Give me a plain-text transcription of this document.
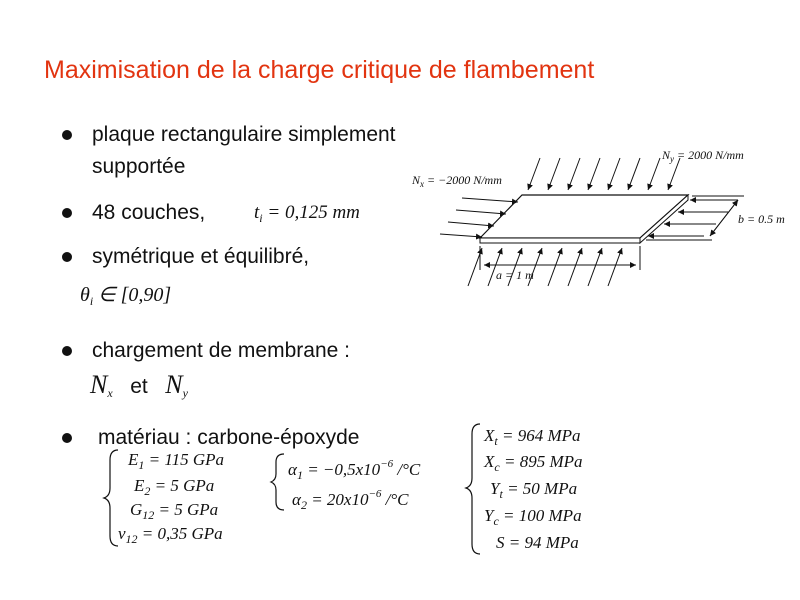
Maximisation de la charge critique de flambement
plaque rectangulaire simplement
supportée
48 couches,	$t_i = 0,125$ mm
symétrique et équilibré,
$\theta_i$ ∈ [0,90]
chargement de membrane :
$N_x$ et $N_y$
matériau : carbone-époxyde
$N_y = 2000$ N/mm
$N_x = -2000$ N/mm
a = 1 m
b = 0.5 m
$E_1 = 115$ GPa
$E_2 = 5$ GPa
$G_{12} = 5$ GPa
$\nu_{12} = 0,35$ GPa
$\alpha_1 = -0,5x10^{-6}$ /°C
$\alpha_2 = 20x10^{-6}$ /°C
$X_t = 964$ MPa
$X_c = 895$ MPa
$Y_t = 50$ MPa
$Y_c = 100$ MPa
S = 94 MPa
